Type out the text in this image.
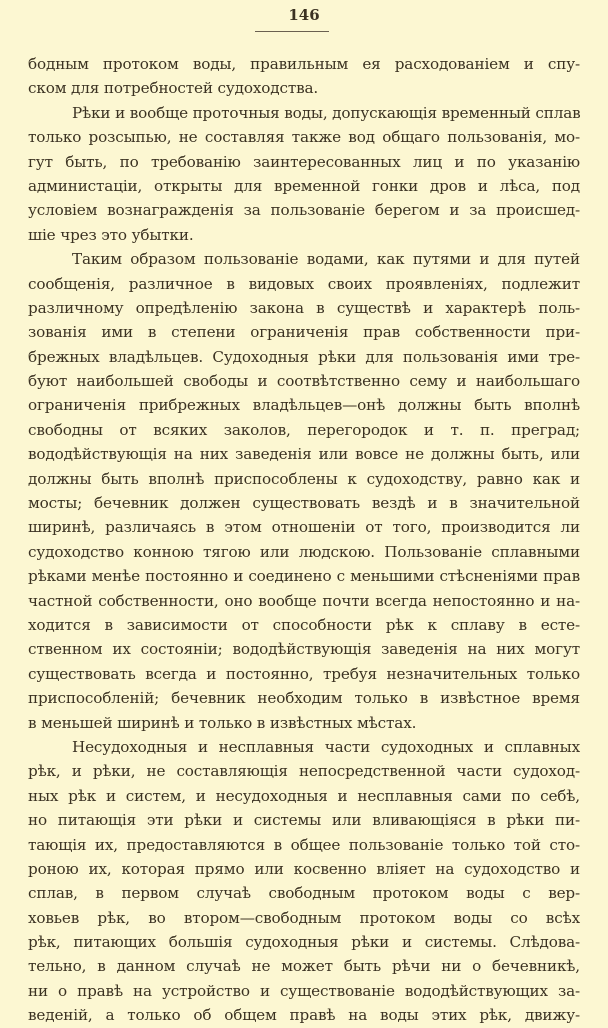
146
бодным протоком воды, правильным ея расходованіем и спу-
ском для потребностей судоходства.
Рѣки и вообще проточныя воды, допускающія временный сплав
только розсыпью, не составляя также вод общаго пользованія, мо-
гут быть, по требованію заинтересованных лиц и по указанію
администаціи, открыты для временной гонки дров и лѣса, под
условіем вознагражденія за пользованіе берегом и за происшед-
шіе чрез это убытки.
Таким образом пользованіе водами, как путями и для путей
сообщенія, различное в видовых своих проявленіях, подлежит
различному опредѣленію закона в существѣ и характерѣ поль-
зованія ими в степени ограниченія прав собственности при-
брежных владѣльцев. Судоходныя рѣки для пользованія ими тре-
буют наибольшей свободы и соотвѣтственно сему и наибольшаго
ограниченія прибрежных владѣльцев—онѣ должны быть вполнѣ
свободны от всяких заколов, перегородок и т. п. преград;
вододѣйствующія на них заведенія или вовсе не должны быть, или
должны быть вполнѣ приспособлены к судоходству, равно как и
мосты; бечевник должен существовать вездѣ и в значительной
ширинѣ, различаясь в этом отношеніи от того, производится ли
судоходство конною тягою или людскою. Пользованіе сплавными
рѣками менѣе постоянно и соединено с меньшими стѣсненіями прав
частной собственности, оно вообще почти всегда непостоянно и на-
ходится в зависимости от способности рѣк к сплаву в есте-
ственном их состояніи; вододѣйствующія заведенія на них могут
существовать всегда и постоянно, требуя незначительных только
приспособленій; бечевник необходим только в извѣстное время
в меньшей ширинѣ и только в извѣстных мѣстах.
Несудоходныя и несплавныя части судоходных и сплавных
рѣк, и рѣки, не составляющія непосредственной части судоход-
ных рѣк и систем, и несудоходныя и несплавныя сами по себѣ,
но питающія эти рѣки и системы или вливающіяся в рѣки пи-
тающія их, предоставляются в общее пользованіе только той сто-
роною их, которая прямо или косвенно вліяет на судоходство и
сплав, в первом случаѣ свободным протоком воды с вер-
ховьев рѣк, во втором—свободным протоком воды со всѣх
рѣк, питающих большія судоходныя рѣки и системы. Слѣдова-
тельно, в данном случаѣ не может быть рѣчи ни о бечевникѣ,
ни о правѣ на устройство и существованіе вододѣйствующих за-
веденій, а только об общем правѣ на воды этих рѣк, движу-
